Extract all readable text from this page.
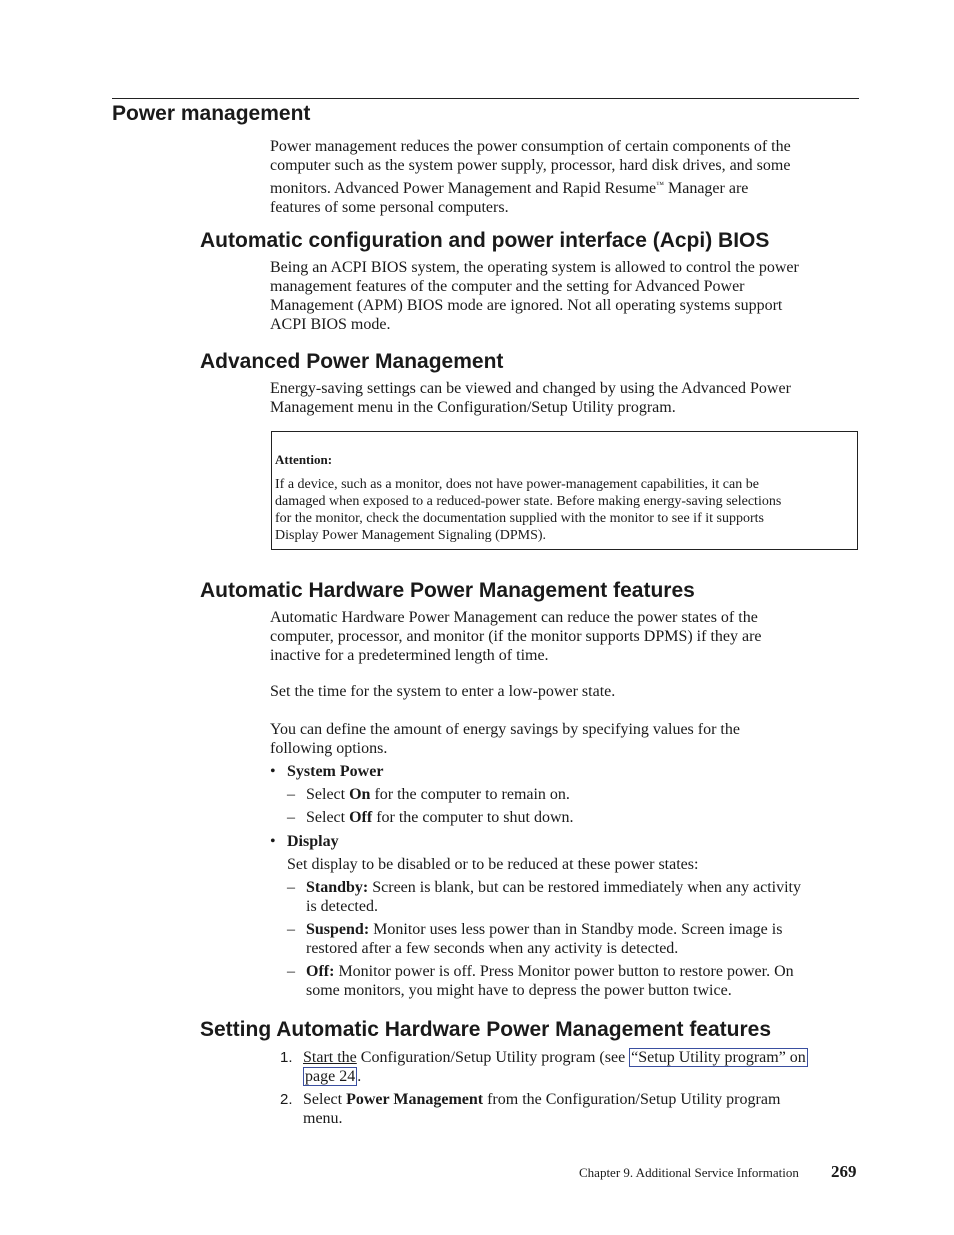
Power management
Power management reduces the power consumption of certain components of the
computer such as the system power supply, processor, hard disk drives, and some
monitors. Advanced Power Management and Rapid Resume™ Manager are
features of some personal computers.
Automatic configuration and power interface (Acpi) BIOS
Being an ACPI BIOS system, the operating system is allowed to control the power
management features of the computer and the setting for Advanced Power
Management (APM) BIOS mode are ignored. Not all operating systems support
ACPI BIOS mode.
Advanced Power Management
Energy-saving settings can be viewed and changed by using the Advanced Power
Management menu in the Configuration/Setup Utility program.
Attention:
If a device, such as a monitor, does not have power-management capabilities, it can be
damaged when exposed to a reduced-power state. Before making energy-saving selections
for the monitor, check the documentation supplied with the monitor to see if it supports
Display Power Management Signaling (DPMS).
Automatic Hardware Power Management features
Automatic Hardware Power Management can reduce the power states of the
computer, processor, and monitor (if the monitor supports DPMS) if they are
inactive for a predetermined length of time.
Set the time for the system to enter a low-power state.
You can define the amount of energy savings by specifying values for the
following options.
• System Power
– Select On for the computer to remain on.
– Select Off for the computer to shut down.
• Display
Set display to be disabled or to be reduced at these power states:
– Standby: Screen is blank, but can be restored immediately when any activity
is detected.
– Suspend: Monitor uses less power than in Standby mode. Screen image is
restored after a few seconds when any activity is detected.
– Off: Monitor power is off. Press Monitor power button to restore power. On
some monitors, you might have to depress the power button twice.
Setting Automatic Hardware Power Management features
1. Start the Configuration/Setup Utility program (see “Setup Utility program” on
page 24 .
2. Select Power Management from the Configuration/Setup Utility program
menu.
Chapter 9. Additional Service Information 269
